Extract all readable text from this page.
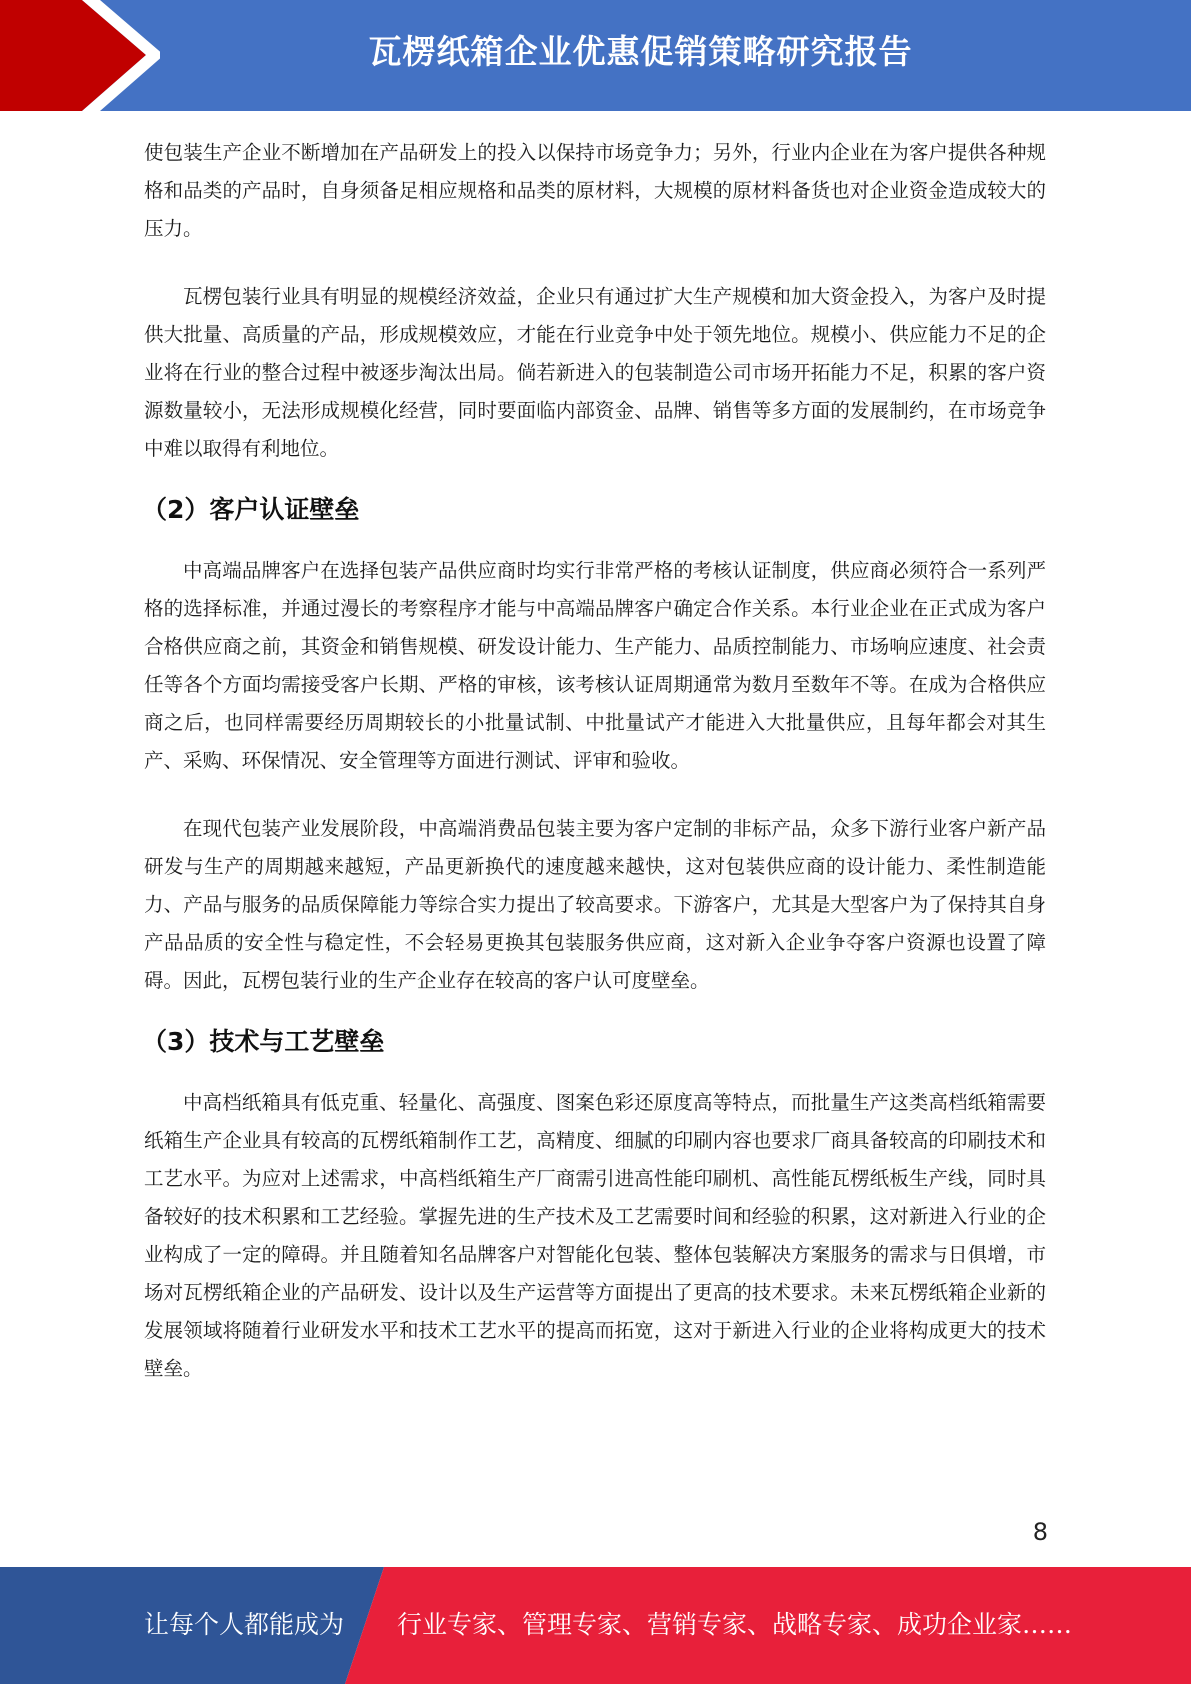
瓦楞纸箱企业优惠促销策略研究报告

使包装生产企业不断增加在产品研发上的投入以保持市场竞争力；另外，行业内企业在为客户提供各种规格和品类的产品时，自身须备足相应规格和品类的原材料，大规模的原材料备货也对企业资金造成较大的压力。

瓦楞包装行业具有明显的规模经济效益，企业只有通过扩大生产规模和加大资金投入，为客户及时提供大批量、高质量的产品，形成规模效应，才能在行业竞争中处于领先地位。规模小、供应能力不足的企业将在行业的整合过程中被逐步淘汰出局。倘若新进入的包装制造公司市场开拓能力不足，积累的客户资源数量较小，无法形成规模化经营，同时要面临内部资金、品牌、销售等多方面的发展制约，在市场竞争中难以取得有利地位。

（2）客户认证壁垒

中高端品牌客户在选择包装产品供应商时均实行非常严格的考核认证制度，供应商必须符合一系列严格的选择标准，并通过漫长的考察程序才能与中高端品牌客户确定合作关系。本行业企业在正式成为客户合格供应商之前，其资金和销售规模、研发设计能力、生产能力、品质控制能力、市场响应速度、社会责任等各个方面均需接受客户长期、严格的审核，该考核认证周期通常为数月至数年不等。在成为合格供应商之后，也同样需要经历周期较长的小批量试制、中批量试产才能进入大批量供应，且每年都会对其生产、采购、环保情况、安全管理等方面进行测试、评审和验收。

在现代包装产业发展阶段，中高端消费品包装主要为客户定制的非标产品，众多下游行业客户新产品研发与生产的周期越来越短，产品更新换代的速度越来越快，这对包装供应商的设计能力、柔性制造能力、产品与服务的品质保障能力等综合实力提出了较高要求。下游客户，尤其是大型客户为了保持其自身产品品质的安全性与稳定性，不会轻易更换其包装服务供应商，这对新入企业争夺客户资源也设置了障碍。因此，瓦楞包装行业的生产企业存在较高的客户认可度壁垒。

（3）技术与工艺壁垒

中高档纸箱具有低克重、轻量化、高强度、图案色彩还原度高等特点，而批量生产这类高档纸箱需要纸箱生产企业具有较高的瓦楞纸箱制作工艺，高精度、细腻的印刷内容也要求厂商具备较高的印刷技术和工艺水平。为应对上述需求，中高档纸箱生产厂商需引进高性能印刷机、高性能瓦楞纸板生产线，同时具备较好的技术积累和工艺经验。掌握先进的生产技术及工艺需要时间和经验的积累，这对新进入行业的企业构成了一定的障碍。并且随着知名品牌客户对智能化包装、整体包装解决方案服务的需求与日俱增，市场对瓦楞纸箱企业的产品研发、设计以及生产运营等方面提出了更高的技术要求。未来瓦楞纸箱企业新的发展领域将随着行业研发水平和技术工艺水平的提高而拓宽，这对于新进入行业的企业将构成更大的技术壁垒。

8
让每个人都能成为 行业专家、管理专家、营销专家、战略专家、成功企业家……
